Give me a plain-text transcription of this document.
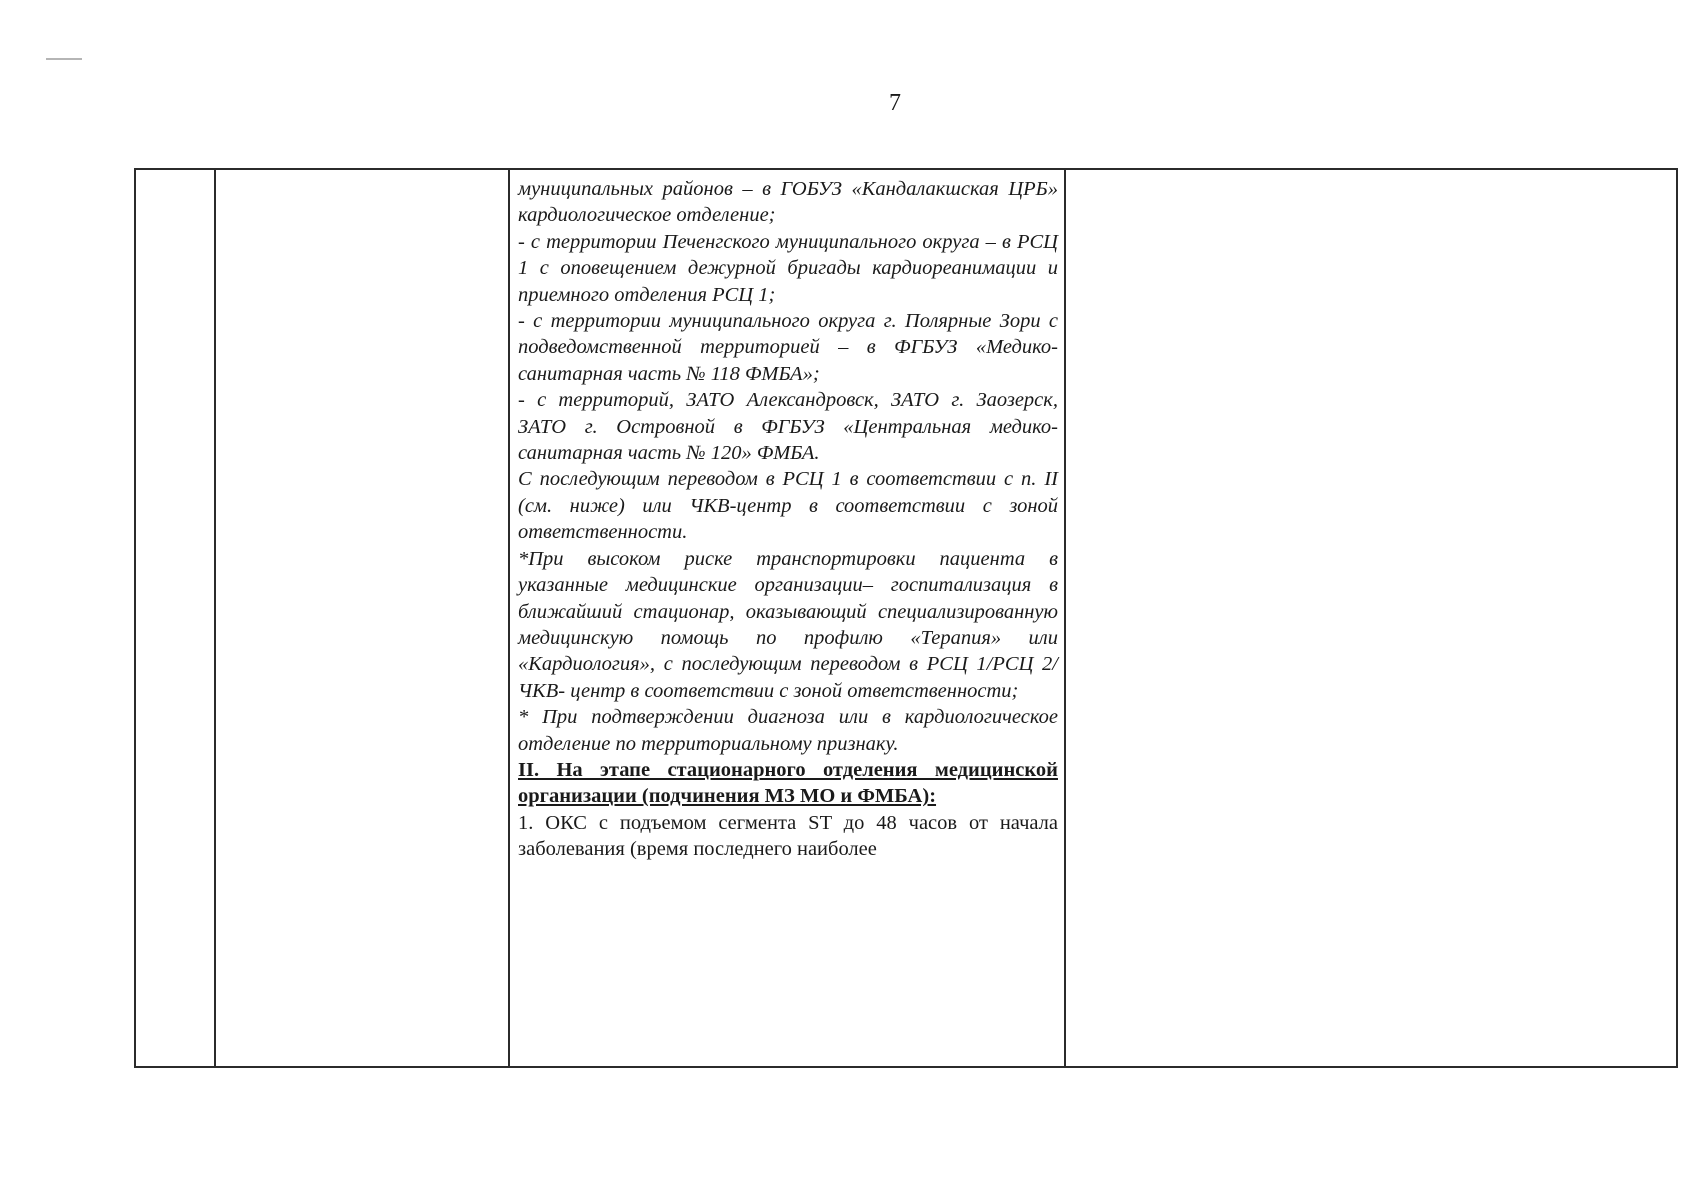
7

муниципальных районов – в ГОБУЗ «Кандалакшская ЦРБ» кардиологическое отделение;

- с территории Печенгского муниципального округа – в РСЦ 1 с оповещением дежурной бригады кардиореанимации и приемного отделения РСЦ 1;

- с территории муниципального округа г. Полярные Зори с подведомственной территорией – в ФГБУЗ «Медико-санитарная часть № 118 ФМБА»;

- с территорий, ЗАТО Александровск, ЗАТО г. Заозерск, ЗАТО г. Островной в ФГБУЗ «Центральная медико-санитарная часть № 120» ФМБА.

С последующим переводом в РСЦ 1 в соответствии с п. II (см. ниже) или ЧКВ-центр в соответствии с зоной ответственности.

*При высоком риске транспортировки пациента в указанные медицинские организации– госпитализация в ближайший стационар, оказывающий специализированную медицинскую помощь по профилю «Терапия» или «Кардиология», с последующим переводом в РСЦ 1/РСЦ 2/ЧКВ- центр в соответствии с зоной ответственности;

* При подтверждении диагноза или в кардиологическое отделение по территориальному признаку.

II. На этапе стационарного отделения медицинской организации (подчинения МЗ МО и ФМБА):

1. ОКС с подъемом сегмента ST до 48 часов от начала заболевания (время последнего наиболее
